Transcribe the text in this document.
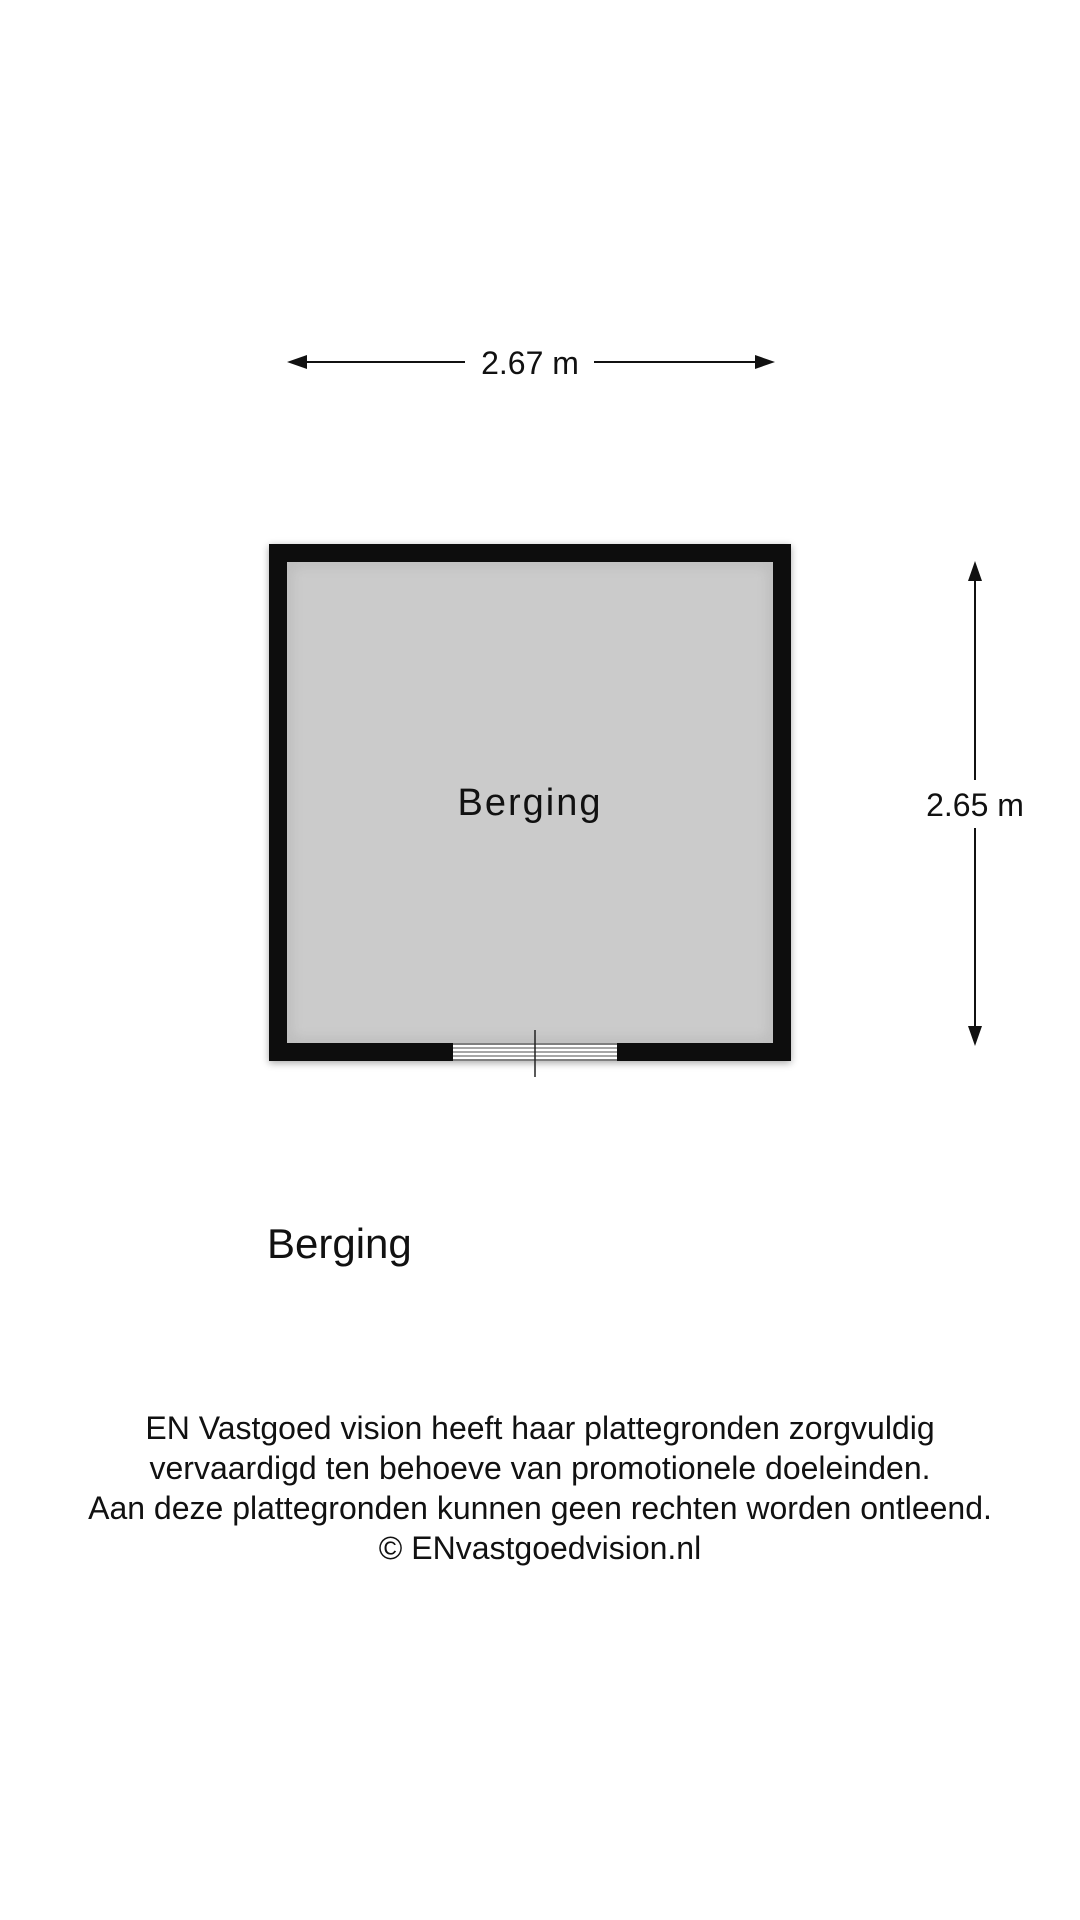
2.67 m
2.65 m
Berging
Berging
EN Vastgoed vision heeft haar plattegronden zorgvuldig
vervaardigd ten behoeve van promotionele doeleinden.
Aan deze plattegronden kunnen geen rechten worden ontleend.
© ENvastgoedvision.nl
